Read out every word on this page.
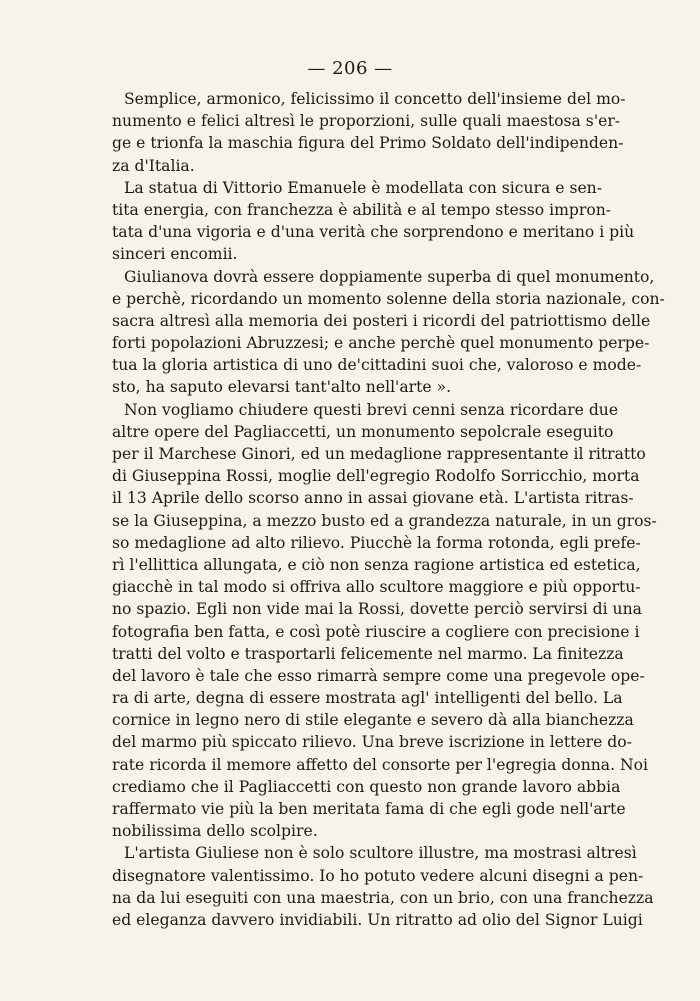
— 206 —
Semplice, armonico, felicissimo il concetto dell'insieme del mo-
numento e felici altresì le proporzioni, sulle quali maestosa s'er-
ge e trionfa la maschia figura del Primo Soldato dell'indipenden-
za d'Italia.
La statua di Vittorio Emanuele è modellata con sicura e sen-
tita energia, con franchezza è abilità e al tempo stesso impron-
tata d'una vigoria e d'una verità che sorprendono e meritano i più
sinceri encomii.
Giulianova dovrà essere doppiamente superba di quel monumento,
e perchè, ricordando un momento solenne della storia nazionale, con-
sacra altresì alla memoria dei posteri i ricordi del patriottismo delle
forti popolazioni Abruzzesi; e anche perchè quel monumento perpe-
tua la gloria artistica di uno de'cittadini suoi che, valoroso e mode-
sto, ha saputo elevarsi tant'alto nell'arte ».
Non vogliamo chiudere questi brevi cenni senza ricordare due
altre opere del Pagliaccetti, un monumento sepolcrale eseguito
per il Marchese Ginori, ed un medaglione rappresentante il ritratto
di Giuseppina Rossi, moglie dell'egregio Rodolfo Sorricchio, morta
il 13 Aprile dello scorso anno in assai giovane età. L'artista ritras-
se la Giuseppina, a mezzo busto ed a grandezza naturale, in un gros-
so medaglione ad alto rilievo. Piucchè la forma rotonda, egli prefe-
rì l'ellittica allungata, e ciò non senza ragione artistica ed estetica,
giacchè in tal modo si offriva allo scultore maggiore e più opportu-
no spazio. Egli non vide mai la Rossi, dovette perciò servirsi di una
fotografia ben fatta, e così potè riuscire a cogliere con precisione i
tratti del volto e trasportarli felicemente nel marmo. La finitezza
del lavoro è tale che esso rimarrà sempre come una pregevole ope-
ra di arte, degna di essere mostrata agl' intelligenti del bello. La
cornice in legno nero di stile elegante e severo dà alla bianchezza
del marmo più spiccato rilievo. Una breve iscrizione in lettere do-
rate ricorda il memore affetto del consorte per l'egregia donna. Noi
crediamo che il Pagliaccetti con questo non grande lavoro abbia
raffermato vie più la ben meritata fama di che egli gode nell'arte
nobilissima dello scolpire.
L'artista Giuliese non è solo scultore illustre, ma mostrasi altresì
disegnatore valentissimo. Io ho potuto vedere alcuni disegni a pen-
na da lui eseguiti con una maestria, con un brio, con una franchezza
ed eleganza davvero invidiabili. Un ritratto ad olio del Signor Luigi
